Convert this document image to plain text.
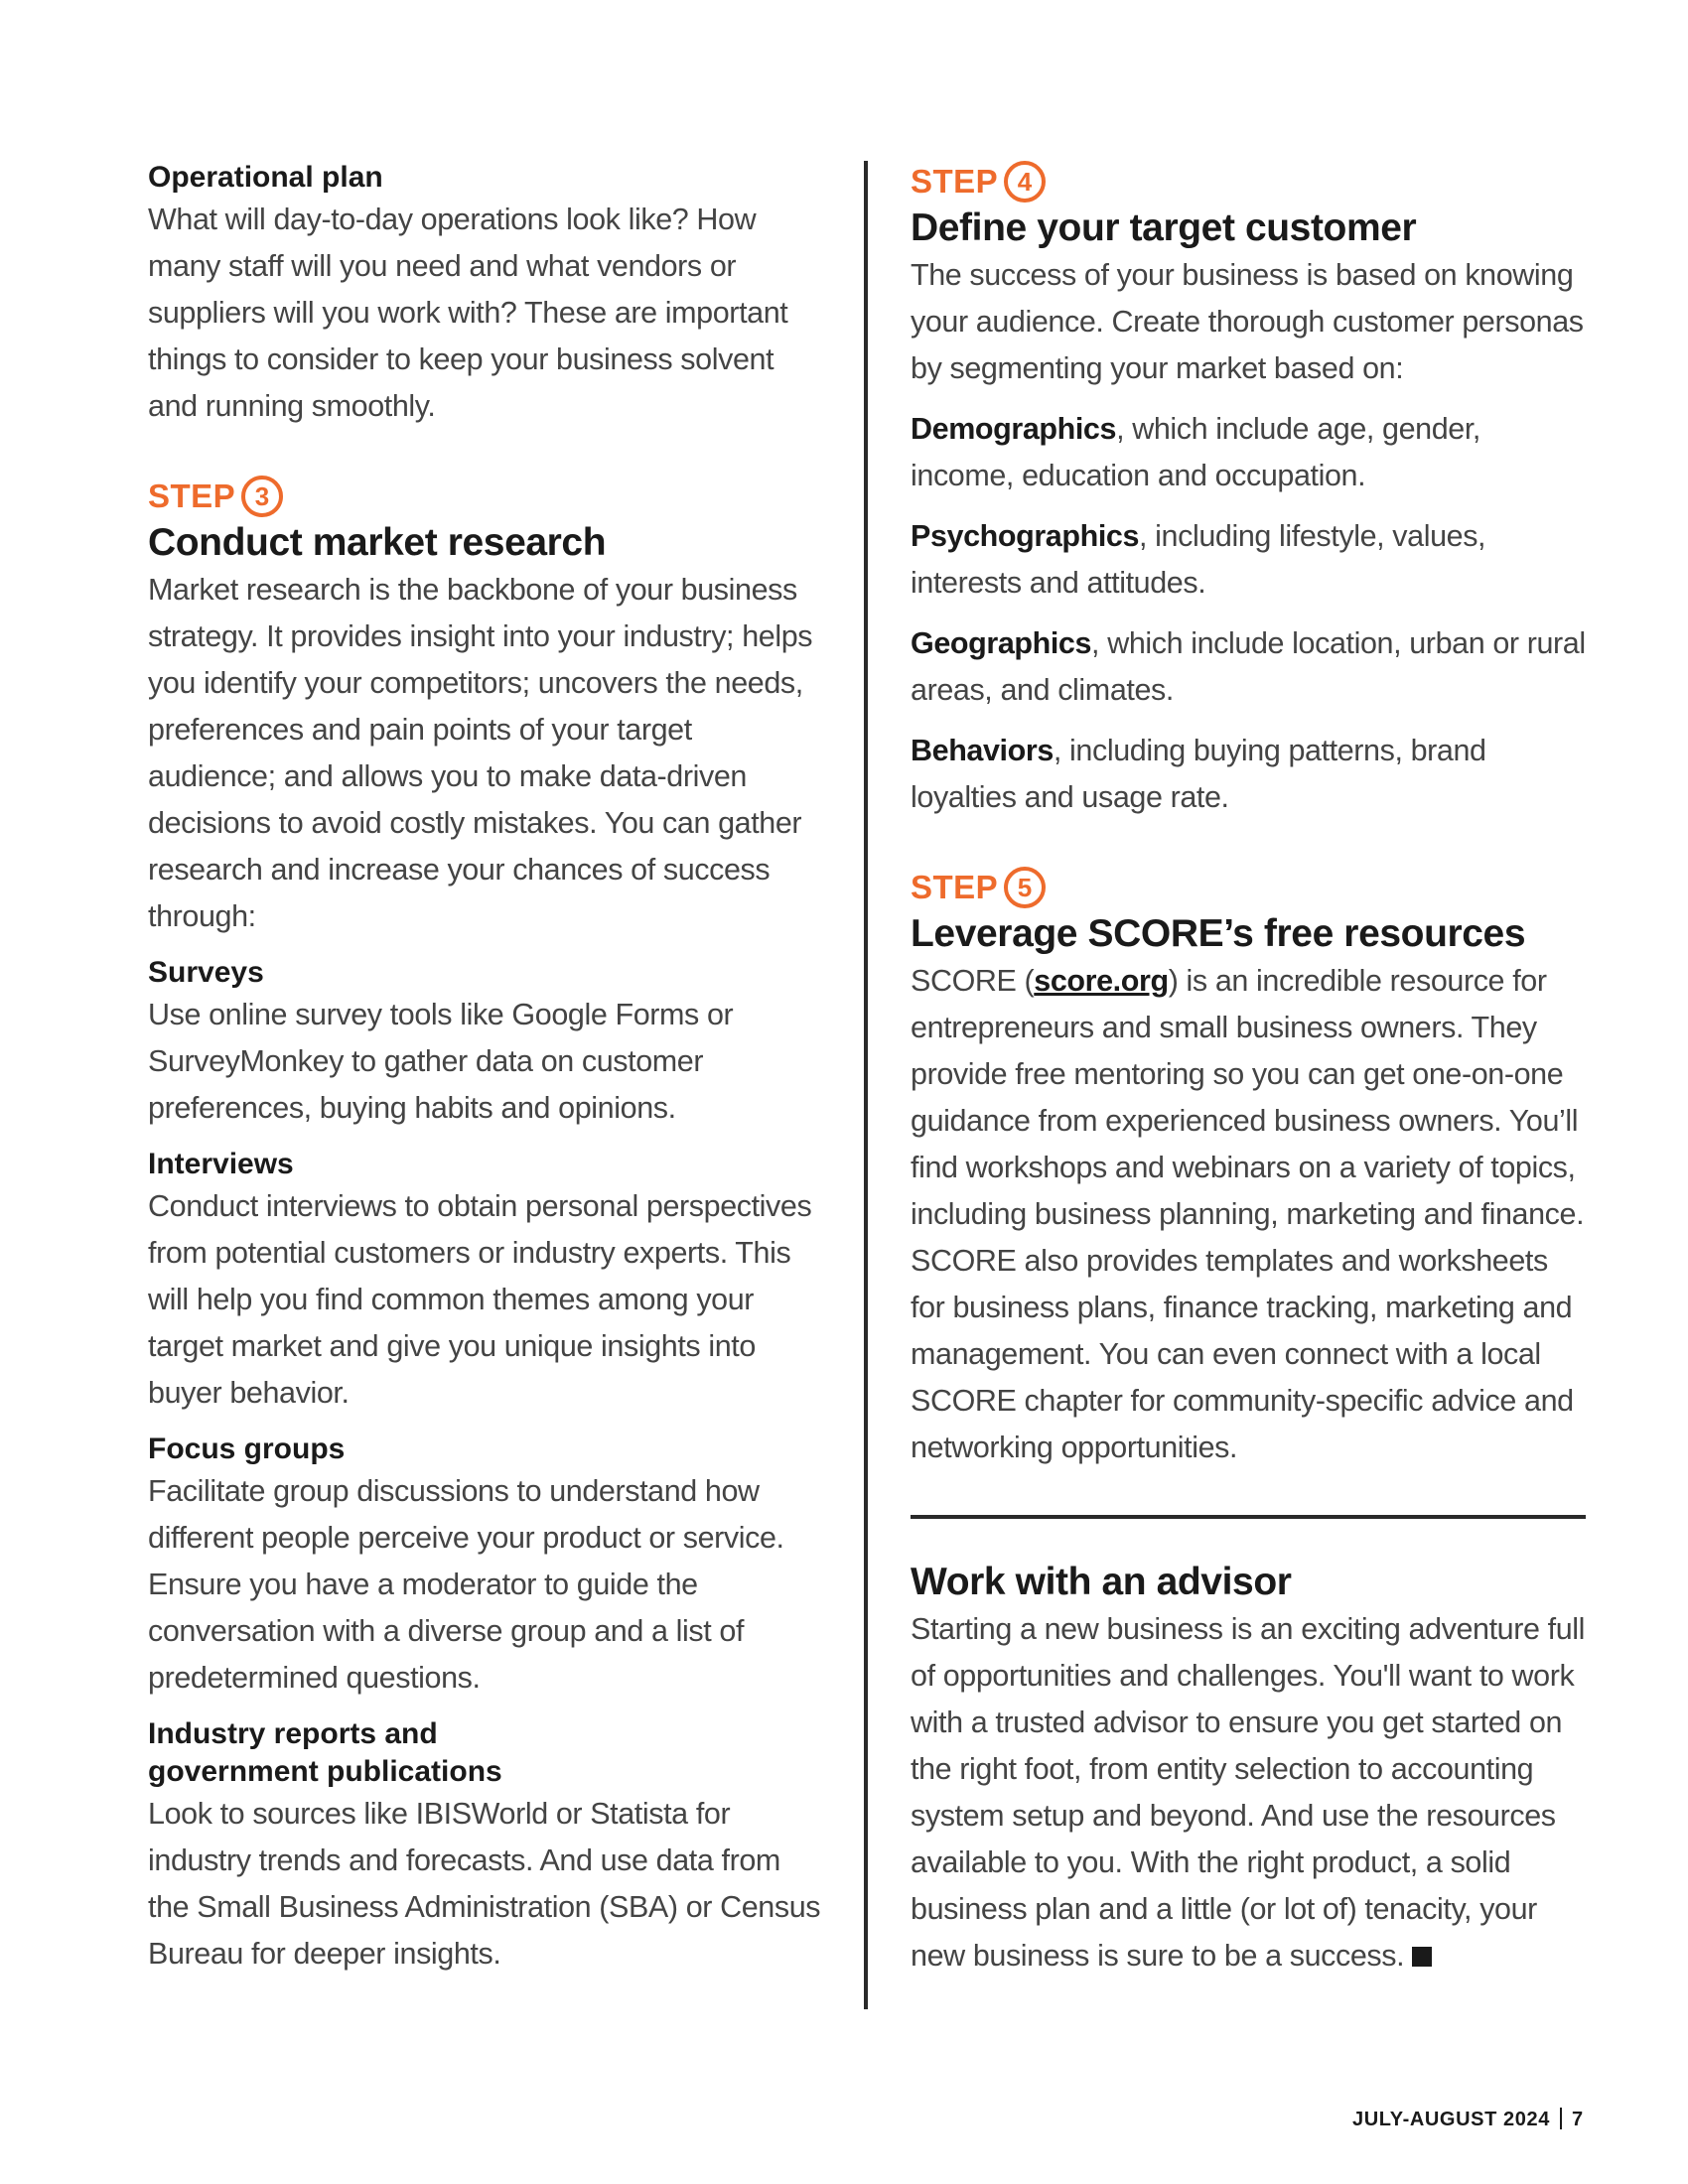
Operational plan

What will day-to-day operations look like? How many staff will you need and what vendors or suppliers will you work with? These are important things to consider to keep your business solvent and running smoothly.

STEP 3
Conduct market research

Market research is the backbone of your business strategy. It provides insight into your industry; helps you identify your competitors; uncovers the needs, preferences and pain points of your target audience; and allows you to make data-driven decisions to avoid costly mistakes. You can gather research and increase your chances of success through:

Surveys

Use online survey tools like Google Forms or SurveyMonkey to gather data on customer preferences, buying habits and opinions.

Interviews

Conduct interviews to obtain personal perspectives from potential customers or industry experts. This will help you find common themes among your target market and give you unique insights into buyer behavior.

Focus groups

Facilitate group discussions to understand how different people perceive your product or service. Ensure you have a moderator to guide the conversation with a diverse group and a list of predetermined questions.

Industry reports and
government publications

Look to sources like IBISWorld or Statista for industry trends and forecasts. And use data from the Small Business Administration (SBA) or Census Bureau for deeper insights.

STEP 4
Define your target customer

The success of your business is based on knowing your audience. Create thorough customer personas by segmenting your market based on:

Demographics, which include age, gender, income, education and occupation.

Psychographics, including lifestyle, values, interests and attitudes.

Geographics, which include location, urban or rural areas, and climates.

Behaviors, including buying patterns, brand loyalties and usage rate.

STEP 5
Leverage SCORE’s free resources

SCORE (score.org) is an incredible resource for entrepreneurs and small business owners. They provide free mentoring so you can get one-on-one guidance from experienced business owners. You’ll find workshops and webinars on a variety of topics, including business planning, marketing and finance. SCORE also provides templates and worksheets for business plans, finance tracking, marketing and management. You can even connect with a local SCORE chapter for community-specific advice and networking opportunities.

Work with an advisor

Starting a new business is an exciting adventure full of opportunities and challenges. You'll want to work with a trusted advisor to ensure you get started on the right foot, from entity selection to accounting system setup and beyond. And use the resources available to you. With the right product, a solid business plan and a little (or lot of) tenacity, your new business is sure to be a success.

JULY-AUGUST 2024 7
